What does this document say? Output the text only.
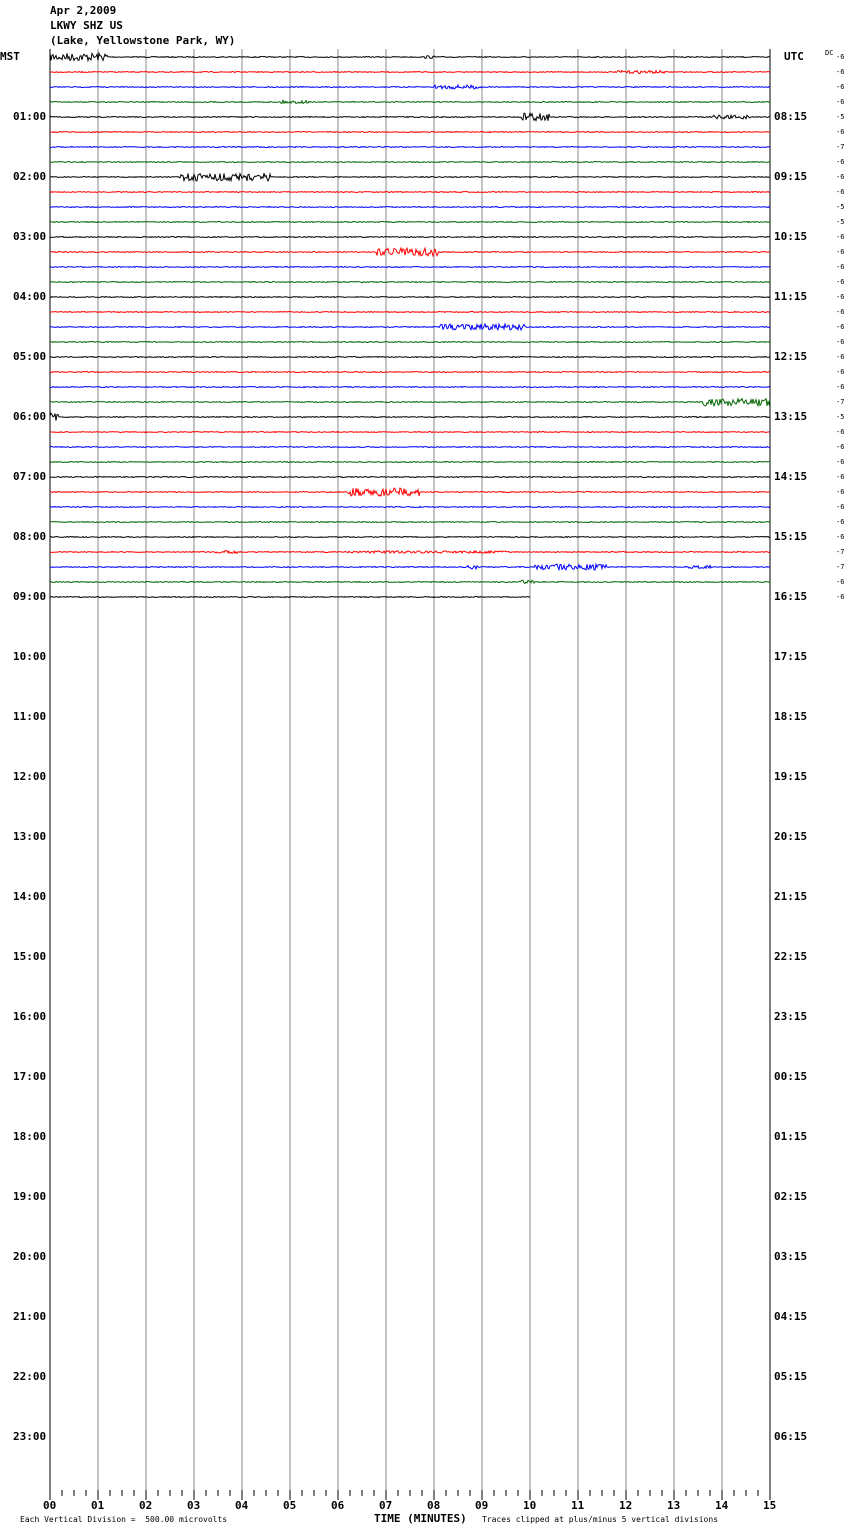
Apr 2,2009
LKWY SHZ US
(Lake, Yellowstone Park, WY)
MST	UTC	DC -6
-6
-6
-6
-5
-6
-7
-6
-6
-6
-5
-5
-6
-6
-6
-6
-6
-6
-6
-6
-6
-6
-6
-7
-5
-6
-6
-6
-6
-6
-6
-6
-6
-7
-7
-6
-6
01:00
02:00
03:00
04:00
05:00
06:00
07:00
08:00
09:00
10:00
11:00
12:00
13:00
14:00
15:00
16:00
17:00
18:00
19:00
20:00
21:00
22:00
23:00
08:15
09:15
10:15
11:15
12:15
13:15
14:15
15:15
16:15
17:15
18:15
19:15
20:15
21:15
22:15
23:15
00:15
01:15
02:15
03:15
04:15
05:15
06:15
00	01	02	03	04	05	06	07	08	09	10	11	12	13	14	15
Each Vertical Division =  500.00 microvolts	TIME (MINUTES) Traces clipped at plus/minus 5 vertical divisions
